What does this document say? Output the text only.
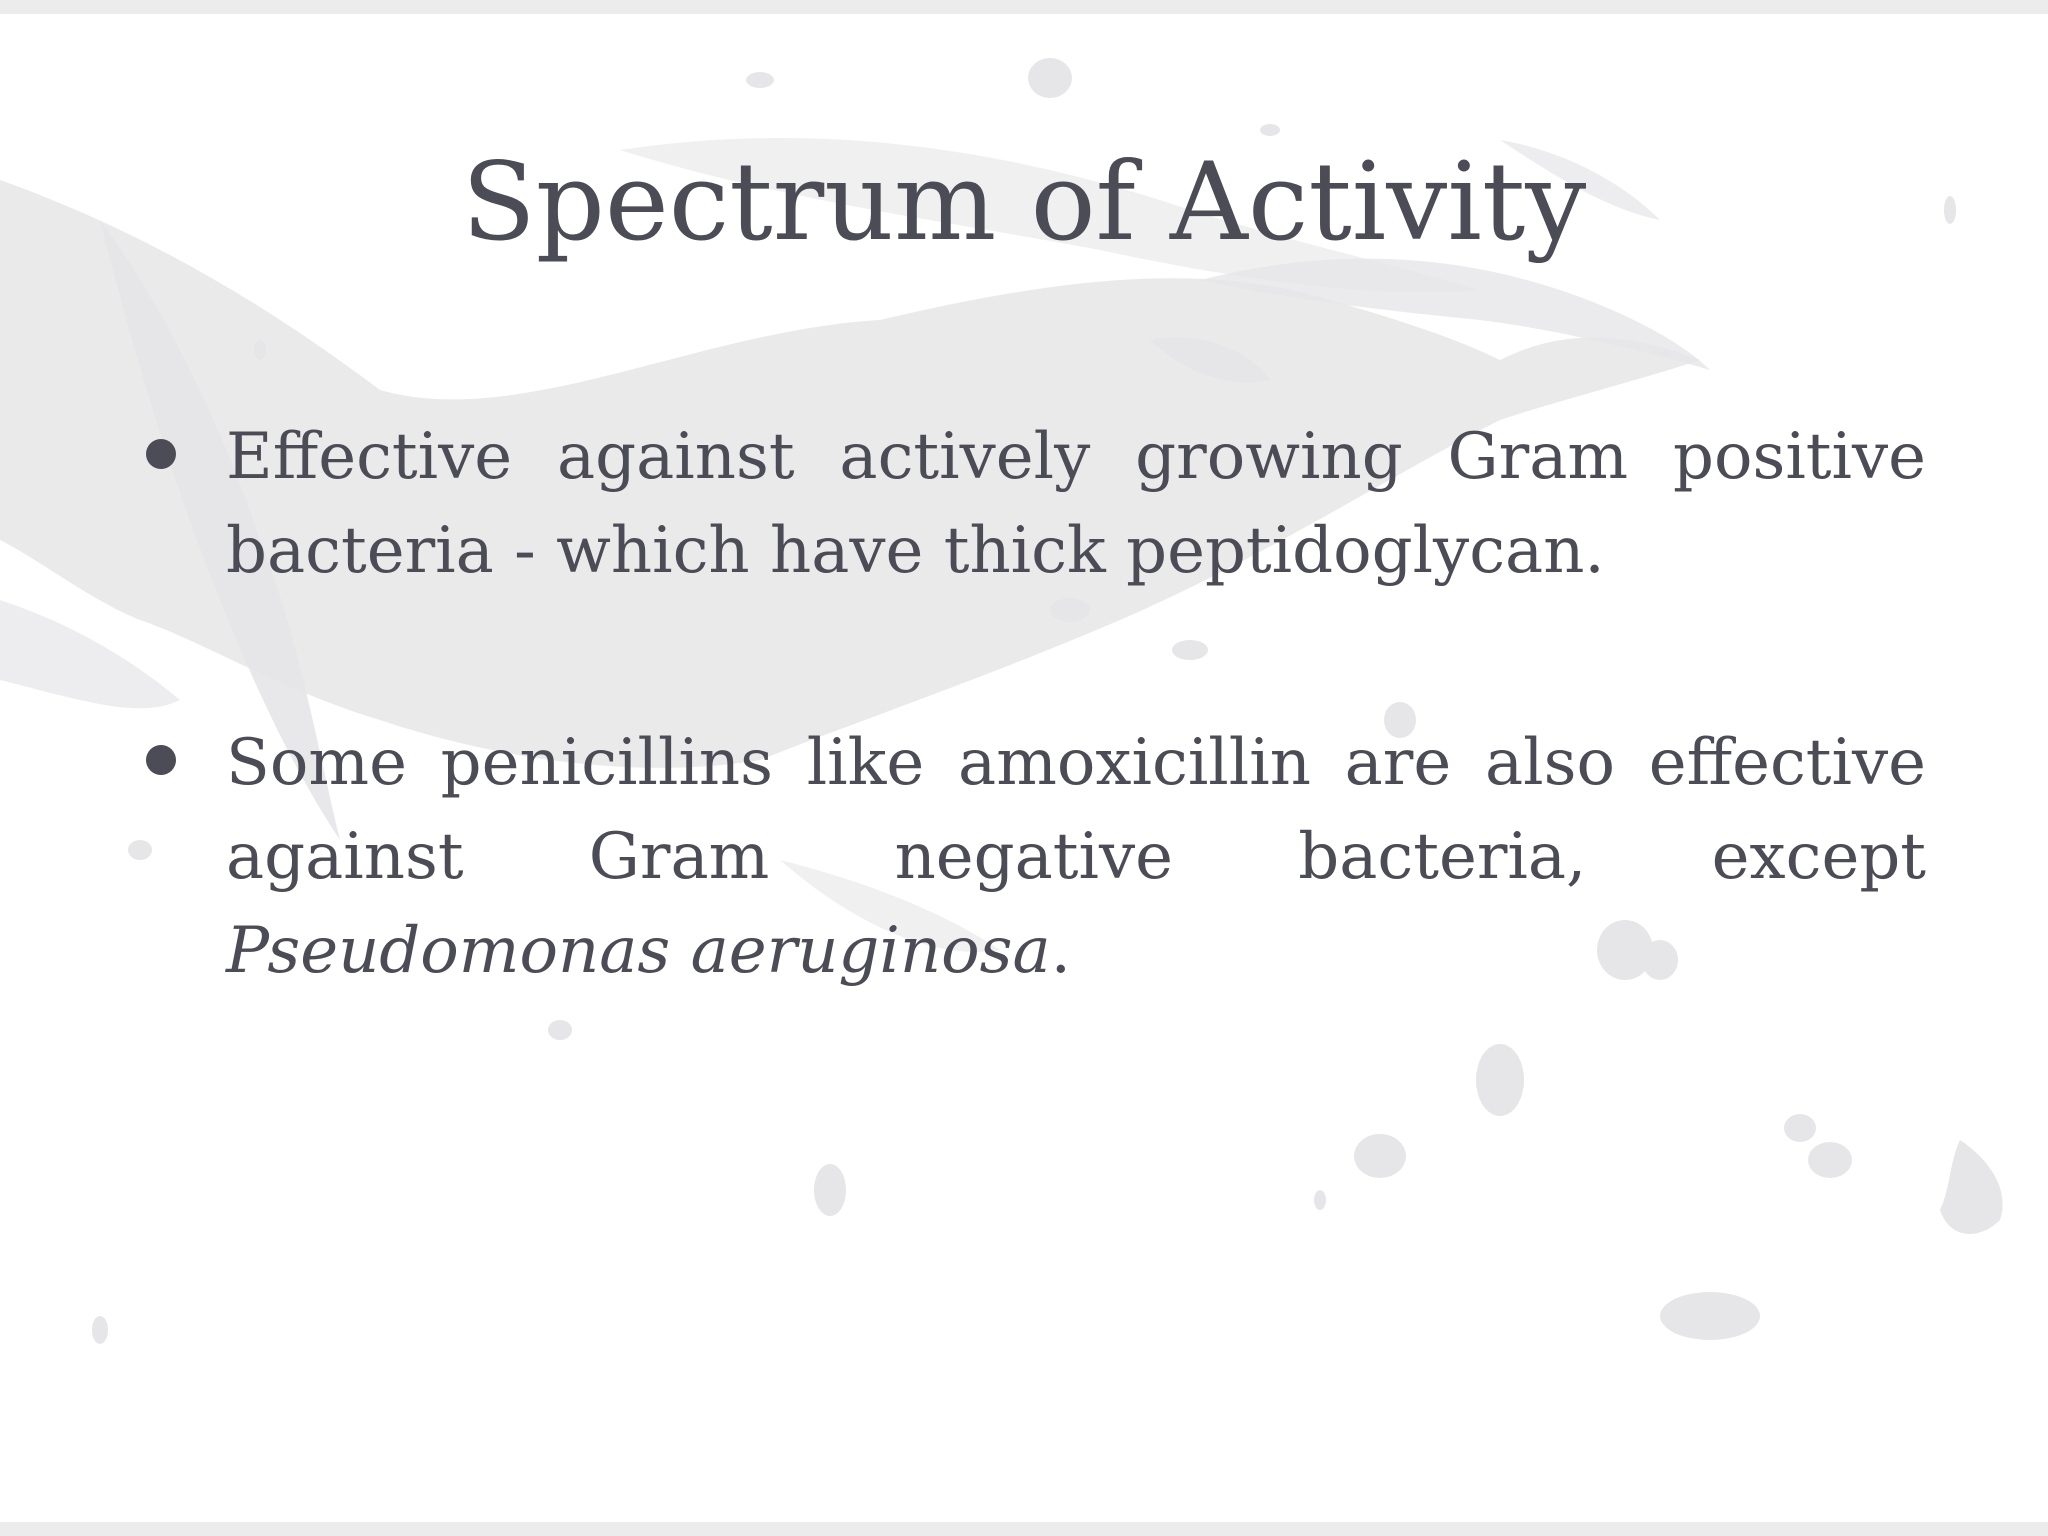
Spectrum of Activity
Effective against actively growing Gram positive bacteria - which have thick peptidoglycan.
Some penicillins like amoxicillin are also effective against Gram negative bacteria, except Pseudomonas aeruginosa.
